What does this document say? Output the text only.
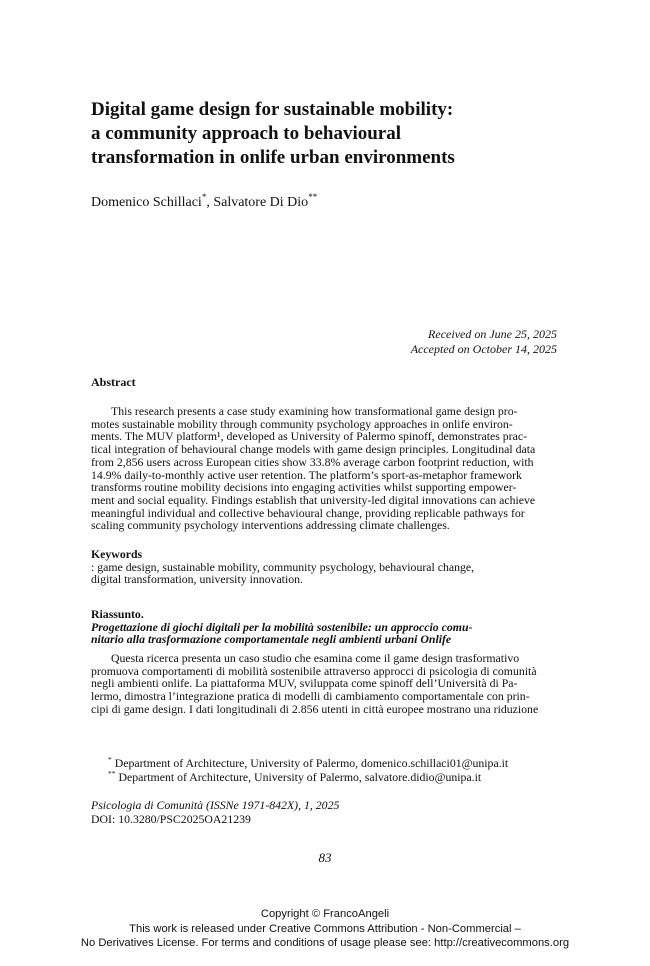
Digital game design for sustainable mobility:
a community approach to behavioural
transformation in onlife urban environments
Domenico Schillaci*, Salvatore Di Dio**
Received on June 25, 2025
Accepted on October 14, 2025
Abstract
This research presents a case study examining how transformational game design pro-
motes sustainable mobility through community psychology approaches in onlife environ-
ments. The MUV platform¹, developed as University of Palermo spinoff, demonstrates prac-
tical integration of behavioural change models with game design principles. Longitudinal data
from 2,856 users across European cities show 33.8% average carbon footprint reduction, with
14.9% daily-to-monthly active user retention. The platform’s sport-as-metaphor framework
transforms routine mobility decisions into engaging activities whilst supporting empower-
ment and social equality. Findings establish that university-led digital innovations can achieve
meaningful individual and collective behavioural change, providing replicable pathways for
scaling community psychology interventions addressing climate challenges.
Keywords
: game design, sustainable mobility, community psychology, behavioural change,
digital transformation, university innovation.
Riassunto.
Progettazione di giochi digitali per la mobilità sostenibile: un approccio comu-
nitario alla trasformazione comportamentale negli ambienti urbani Onlife
Questa ricerca presenta un caso studio che esamina come il game design trasformativo
promuova comportamenti di mobilità sostenibile attraverso approcci di psicologia di comunità
negli ambienti onlife. La piattaforma MUV, sviluppata come spinoff dell’Università di Pa-
lermo, dimostra l’integrazione pratica di modelli di cambiamento comportamentale con prin-
cipi di game design. I dati longitudinali di 2.856 utenti in città europee mostrano una riduzione
* Department of Architecture, University of Palermo, domenico.schillaci01@unipa.it
** Department of Architecture, University of Palermo, salvatore.didio@unipa.it
Psicologia di Comunità (ISSNe 1971-842X), 1, 2025
DOI: 10.3280/PSC2025OA21239
83
Copyright © FrancoAngeli
This work is released under Creative Commons Attribution - Non-Commercial –
No Derivatives License. For terms and conditions of usage please see: http://creativecommons.org
